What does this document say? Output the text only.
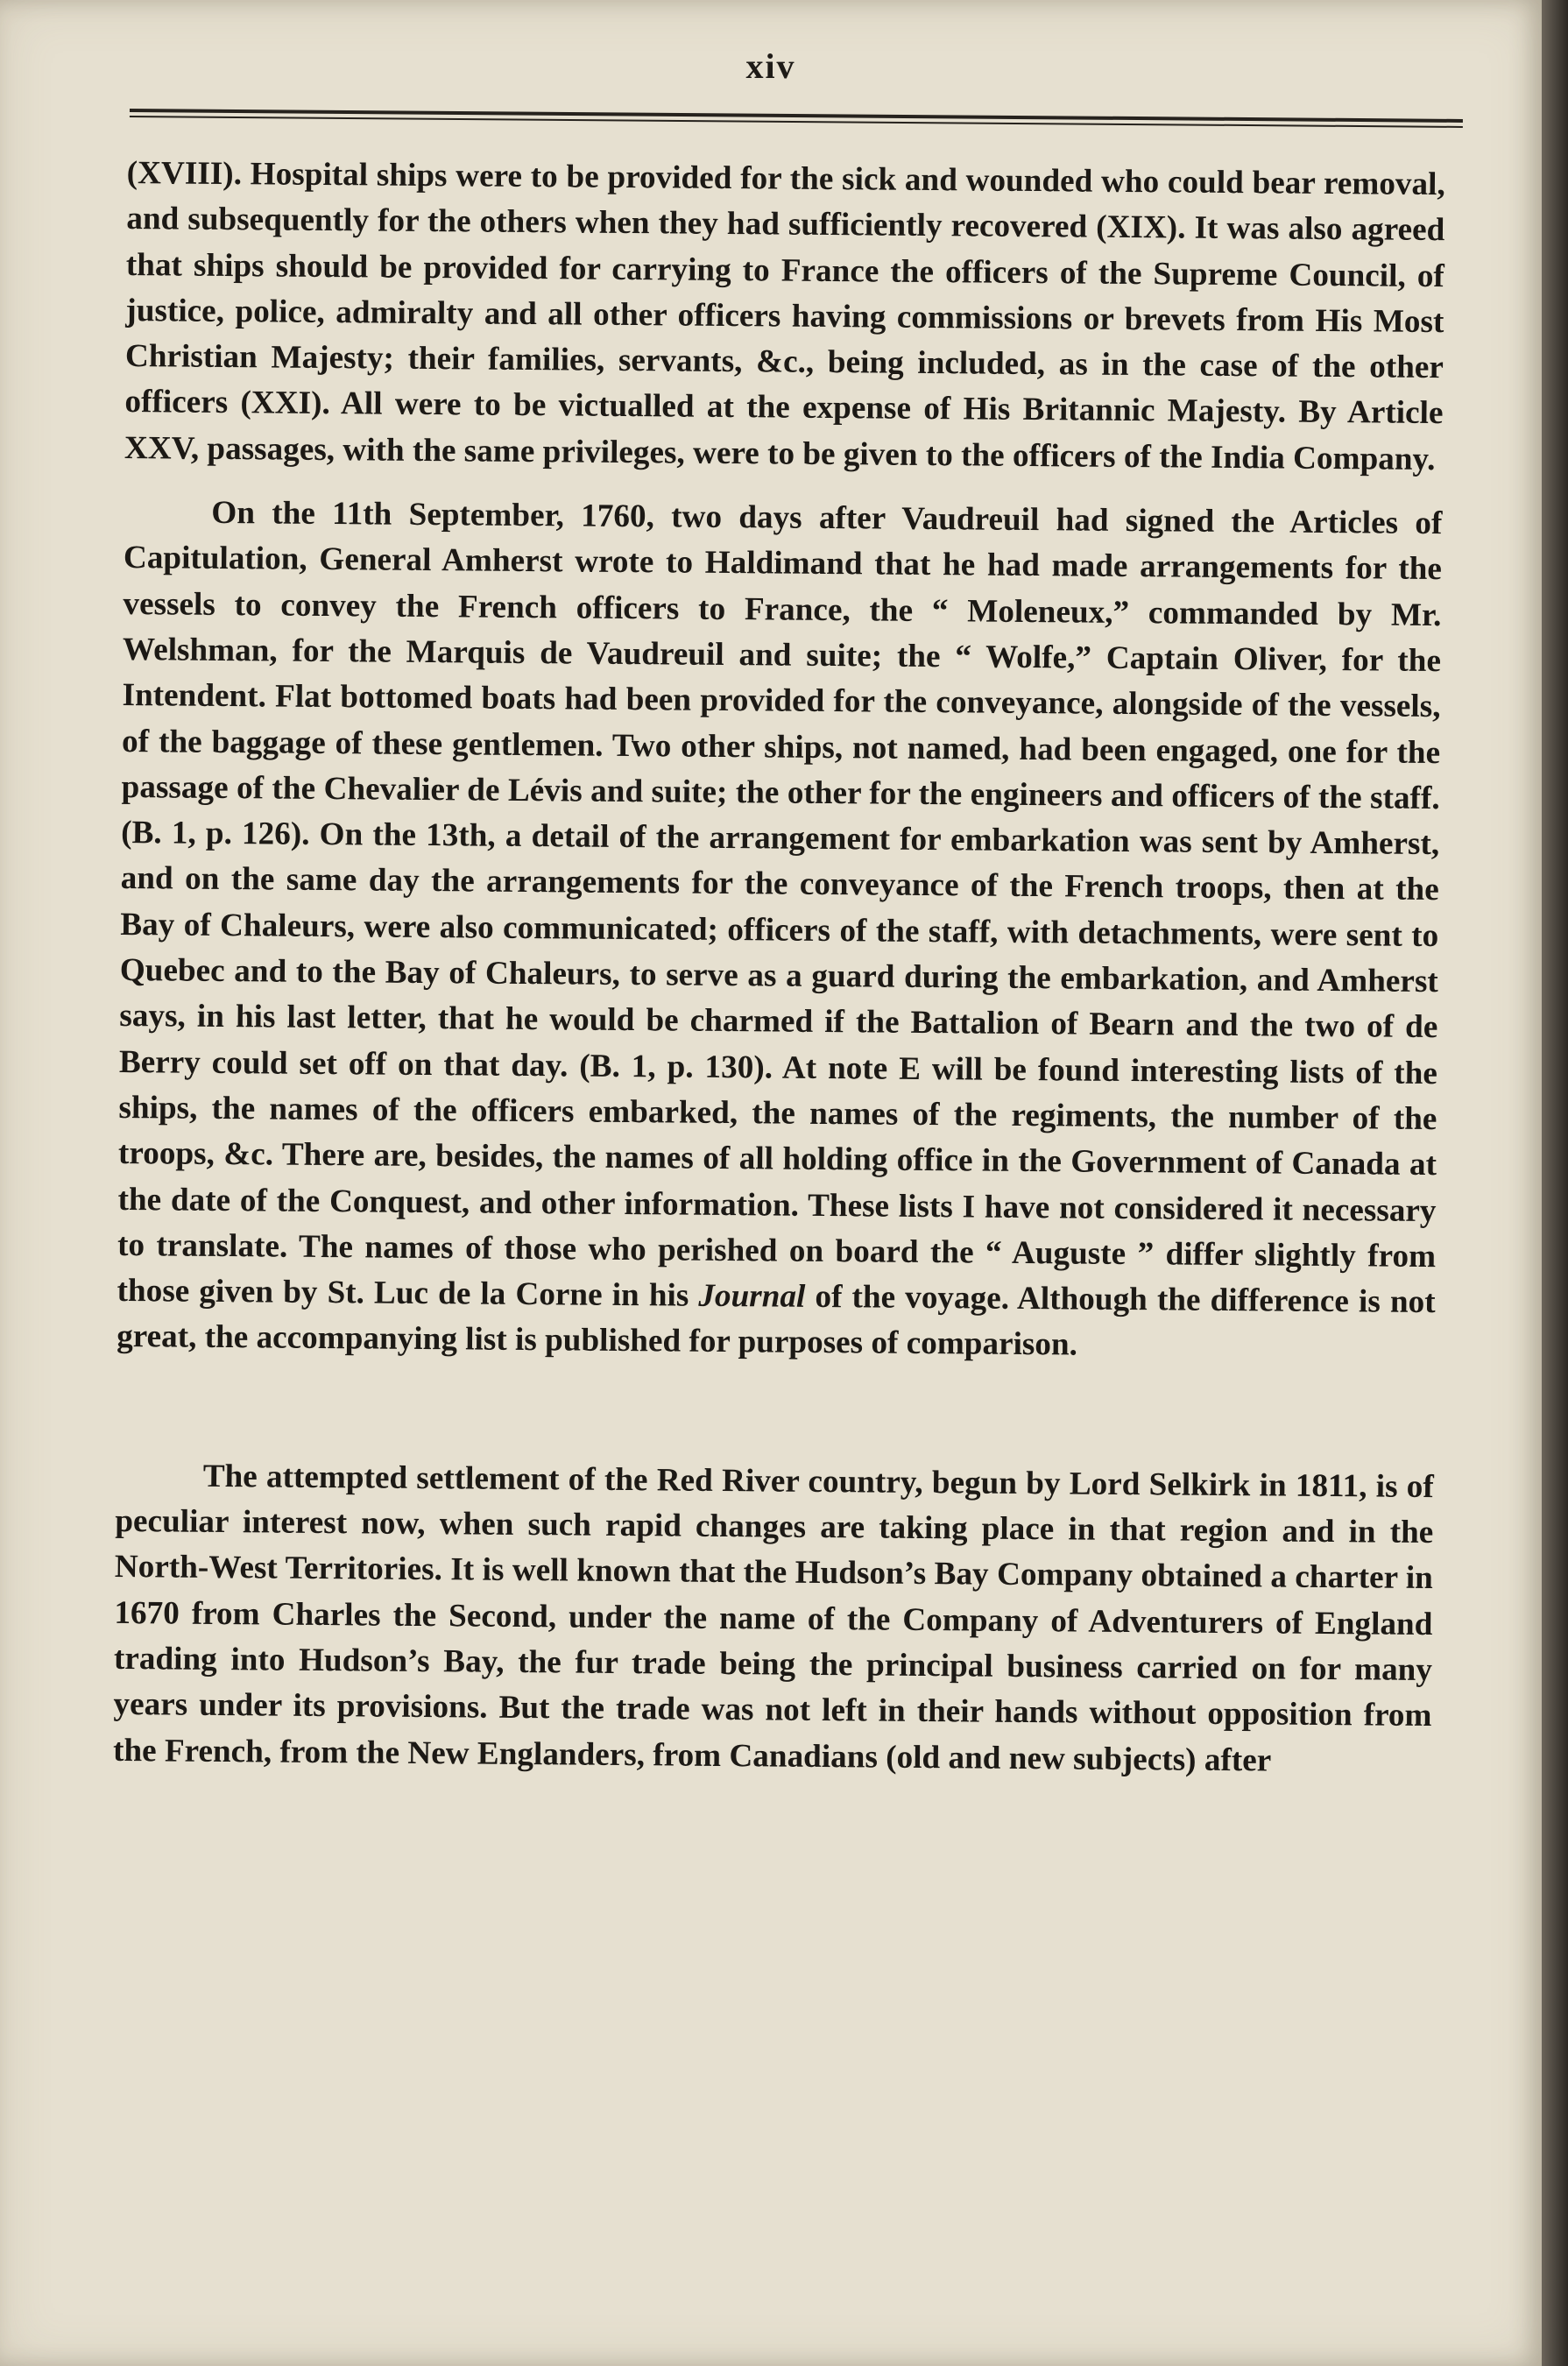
xiv

(XVIII). Hospital ships were to be provided for the sick and wounded who could bear removal, and subsequently for the others when they had sufficiently recovered (XIX). It was also agreed that ships should be provided for carrying to France the officers of the Supreme Council, of justice, police, admiralty and all other officers having commissions or brevets from His Most Christian Majesty; their families, servants, &c., being included, as in the case of the other officers (XXI). All were to be victualled at the expense of His Britannic Majesty. By Article XXV, passages, with the same privileges, were to be given to the officers of the India Company.

On the 11th September, 1760, two days after Vaudreuil had signed the Articles of Capitulation, General Amherst wrote to Haldimand that he had made arrangements for the vessels to convey the French officers to France, the “ Moleneux,” commanded by Mr. Welshman, for the Marquis de Vaudreuil and suite; the “ Wolfe,” Captain Oliver, for the Intendent. Flat bottomed boats had been provided for the conveyance, alongside of the vessels, of the baggage of these gentlemen. Two other ships, not named, had been engaged, one for the passage of the Chevalier de Lévis and suite; the other for the engineers and officers of the staff. (B. 1, p. 126). On the 13th, a detail of the arrangement for embarkation was sent by Amherst, and on the same day the arrangements for the conveyance of the French troops, then at the Bay of Chaleurs, were also communicated; officers of the staff, with detachments, were sent to Quebec and to the Bay of Chaleurs, to serve as a guard during the embarkation, and Amherst says, in his last letter, that he would be charmed if the Battalion of Bearn and the two of de Berry could set off on that day. (B. 1, p. 130). At note E will be found interesting lists of the ships, the names of the officers embarked, the names of the regiments, the number of the troops, &c. There are, besides, the names of all holding office in the Government of Canada at the date of the Conquest, and other information. These lists I have not considered it necessary to translate. The names of those who perished on board the “ Auguste ” differ slightly from those given by St. Luc de la Corne in his Journal of the voyage. Although the difference is not great, the accompanying list is published for purposes of comparison.

The attempted settlement of the Red River country, begun by Lord Selkirk in 1811, is of peculiar interest now, when such rapid changes are taking place in that region and in the North-West Territories. It is well known that the Hudson’s Bay Company obtained a charter in 1670 from Charles the Second, under the name of the Company of Adventurers of England trading into Hudson’s Bay, the fur trade being the principal business carried on for many years under its provisions. But the trade was not left in their hands without opposition from the French, from the New Englanders, from Canadians (old and new subjects) after
